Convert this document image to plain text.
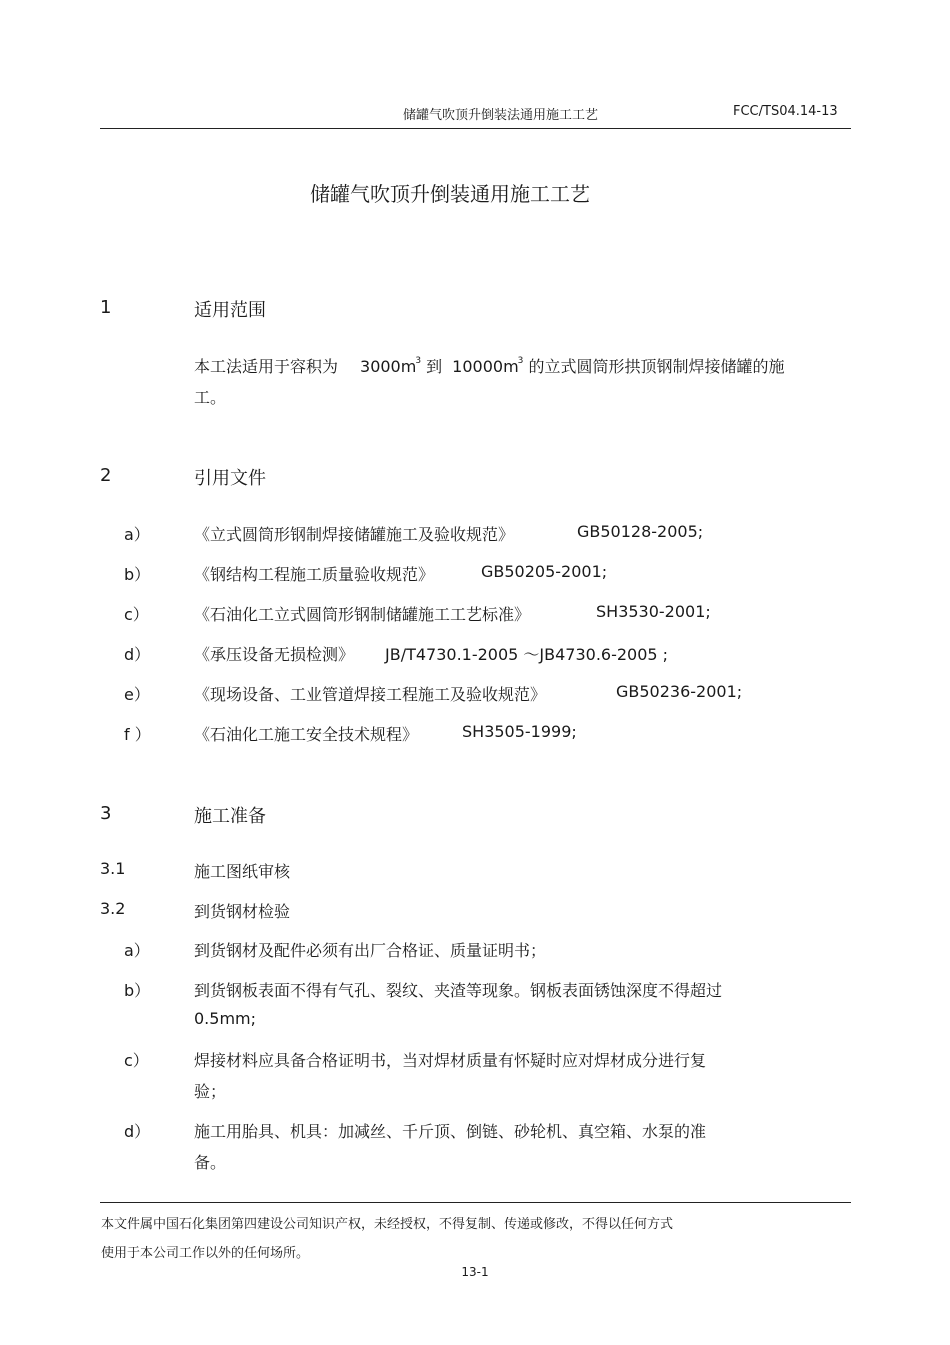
储罐气吹顶升倒装法通用施工工艺	FCC/TS04.14-13
储罐气吹顶升倒装通用施工工艺
1	适用范围
本工法适用于容积为 $3000m^3$ 到 $10000m^3$ 的立式圆筒形拱顶钢制焊接储罐的施
工。
2	引用文件
a）	《立式圆筒形钢制焊接储罐施工及验收规范》	GB50128-2005;
b）	《钢结构工程施工质量验收规范》	GB50205-2001;
c）	《石油化工立式圆筒形钢制储罐施工工艺标准》	SH3530-2001;
d）	《承压设备无损检测》 JB/T4730.1-2005 ～JB4730.6-2005 ;
e）	《现场设备、工业管道焊接工程施工及验收规范》	GB50236-2001;
f ）	《石油化工施工安全技术规程》	SH3505-1999;
3	施工准备
3.1	施工图纸审核
3.2	到货钢材检验
a）	到货钢材及配件必须有出厂合格证、质量证明书；
b）	到货钢板表面不得有气孔、裂纹、夹渣等现象。钢板表面锈蚀深度不得超过
0.5mm;
c）	焊接材料应具备合格证明书，当对焊材质量有怀疑时应对焊材成分进行复
验；
d）	施工用胎具、机具：加减丝、千斤顶、倒链、砂轮机、真空箱、水泵的准
备。
本文件属中国石化集团第四建设公司知识产权，未经授权，不得复制、传递或修改，不得以任何方式
使用于本公司工作以外的任何场所。
13-1
